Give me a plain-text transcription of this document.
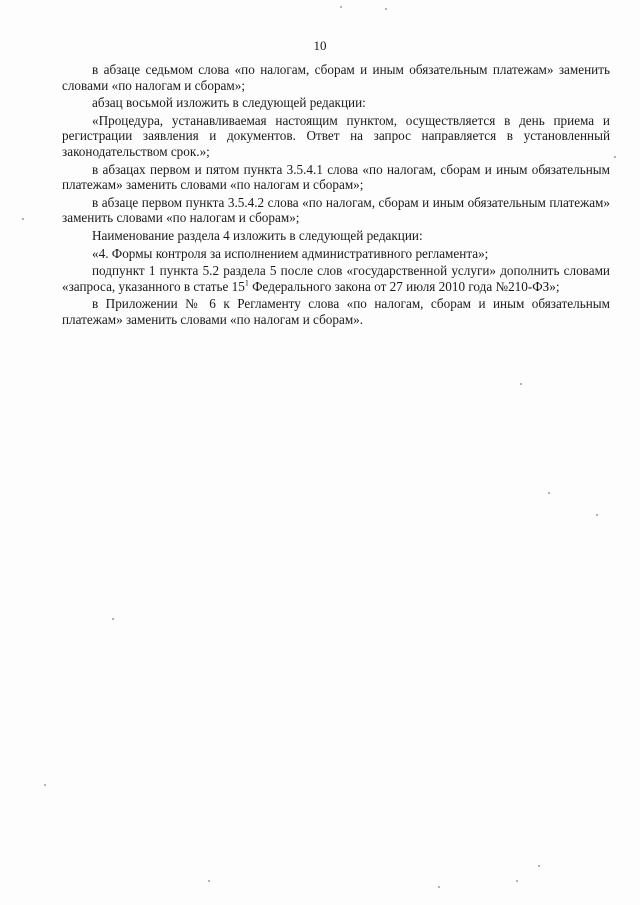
10

в абзаце седьмом слова «по налогам, сборам и иным обязательным платежам» заменить словами «по налогам и сборам»;

абзац восьмой изложить в следующей редакции:

«Процедура, устанавливаемая настоящим пунктом, осуществляется в день приема и регистрации заявления и документов. Ответ на запрос направляется в установленный законодательством срок.»;

в абзацах первом и пятом пункта 3.5.4.1 слова «по налогам, сборам и иным обязательным платежам» заменить словами «по налогам и сборам»;

в абзаце первом пункта 3.5.4.2 слова «по налогам, сборам и иным обязательным платежам» заменить словами «по налогам и сборам»;

Наименование раздела 4 изложить в следующей редакции:

«4. Формы контроля за исполнением административного регламента»;

подпункт 1 пункта 5.2 раздела 5 после слов «государственной услуги» дополнить словами «запроса, указанного в статье $15^1$ Федерального закона от 27 июля 2010 года №210-ФЗ»;

в Приложении № 6 к Регламенту слова «по налогам, сборам и иным обязательным платежам» заменить словами «по налогам и сборам».
